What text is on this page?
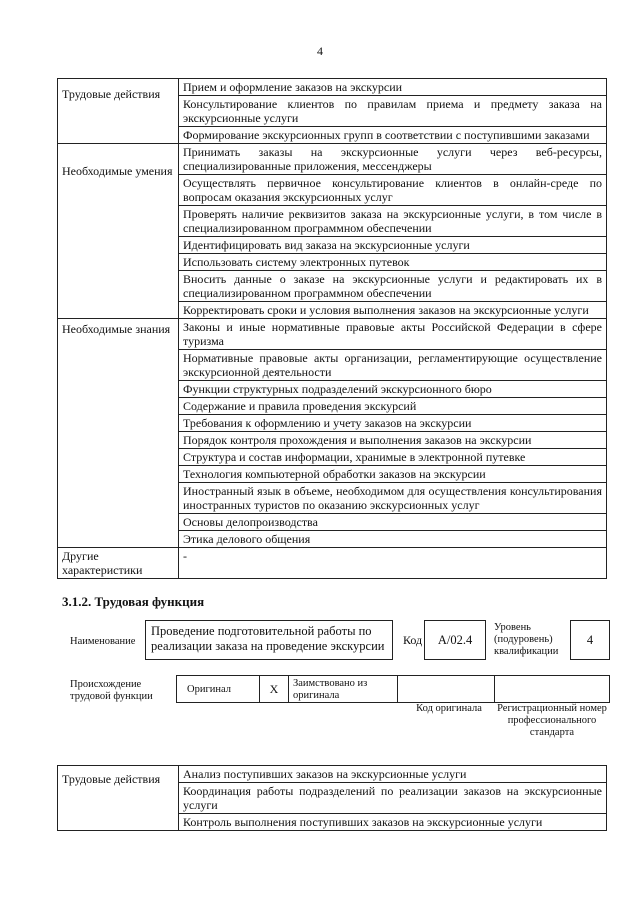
4
Трудовые действия	Прием и оформление заказов на экскурсии
	Консультирование клиентов по правилам приема и предмету заказа на экскурсионные услуги
	Формирование экскурсионных групп в соответствии с поступившими заказами
Необходимые умения	Принимать заказы на экскурсионные услуги через веб-ресурсы, специализированные приложения, мессенджеры
	Осуществлять первичное консультирование клиентов в онлайн-среде по вопросам оказания экскурсионных услуг
	Проверять наличие реквизитов заказа на экскурсионные услуги, в том числе в специализированном программном обеспечении
	Идентифицировать вид заказа на экскурсионные услуги
	Использовать систему электронных путевок
	Вносить данные о заказе на экскурсионные услуги и редактировать их в специализированном программном обеспечении
	Корректировать сроки и условия выполнения заказов на экскурсионные услуги
Необходимые знания	Законы и иные нормативные правовые акты Российской Федерации в сфере туризма
	Нормативные правовые акты организации, регламентирующие осуществление экскурсионной деятельности
	Функции структурных подразделений экскурсионного бюро
	Содержание и правила проведения экскурсий
	Требования к оформлению и учету заказов на экскурсии
	Порядок контроля прохождения и выполнения заказов на экскурсии
	Структура и состав информации, хранимые в электронной путевке
	Технология компьютерной обработки заказов на экскурсии
	Иностранный язык в объеме, необходимом для осуществления консультирования иностранных туристов по оказанию экскурсионных услуг
	Основы делопроизводства
	Этика делового общения
Другие характеристики	-
3.1.2. Трудовая функция
Наименование
Проведение подготовительной работы по реализации заказа на проведение экскурсии	Код	А/02.4
Уровень (подуровень) квалификации
4
Происхождение трудовой функции
Оригинал	X	Заимствовано из оригинала
Код оригинала	Регистрационный номер профессионального стандарта
Трудовые действия	Анализ поступивших заказов на экскурсионные услуги
Координация работы подразделений по реализации заказов на экскурсионные услуги
Контроль выполнения поступивших заказов на экскурсионные услуги
